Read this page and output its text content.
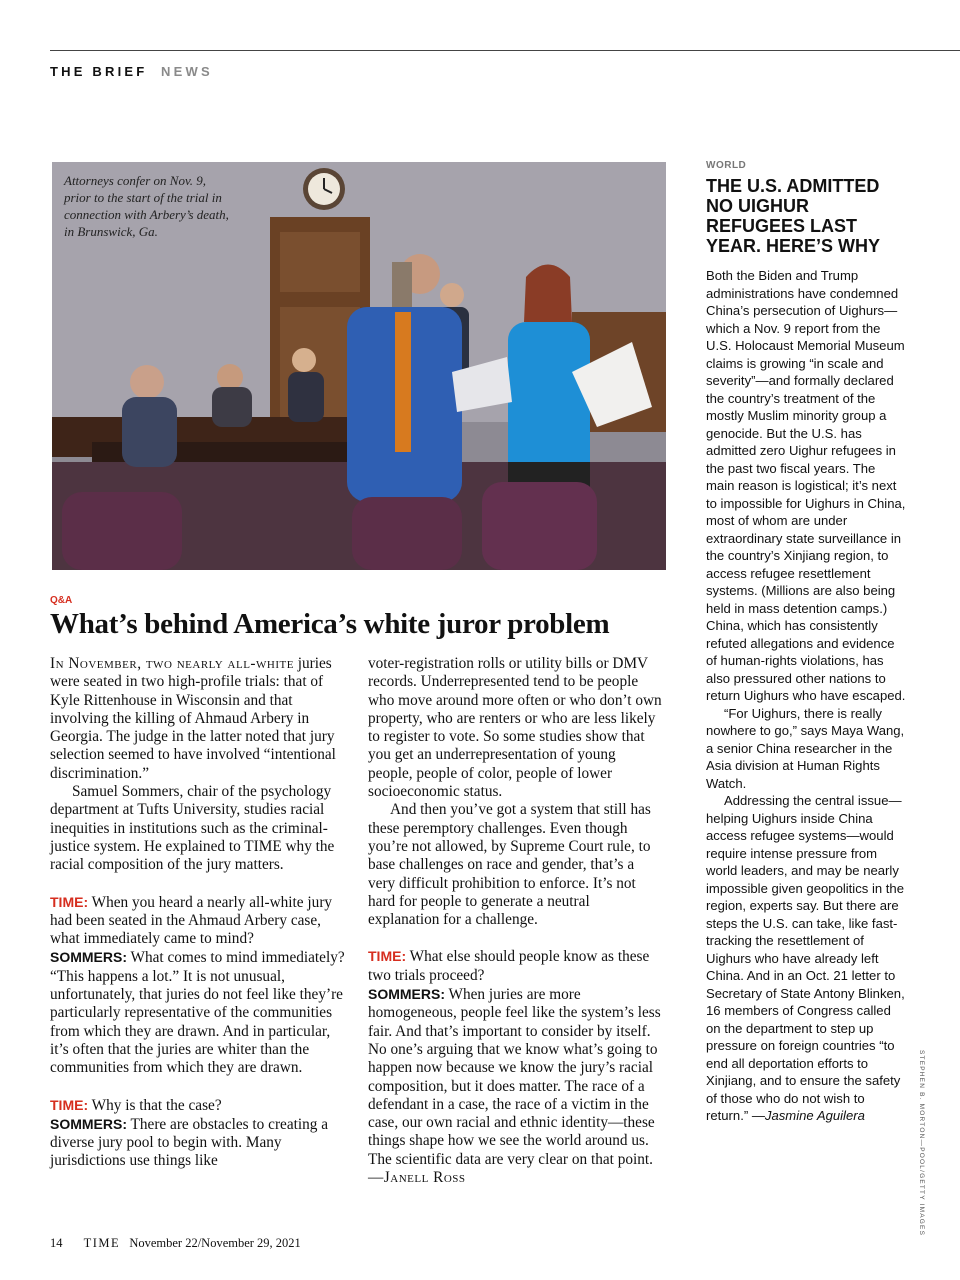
THE BRIEF NEWS
Attorneys confer on Nov. 9, prior to the start of the trial in connection with Arbery’s death, in Brunswick, Ga.
Q&A
What’s behind America’s white juror problem

In November, two nearly all-white juries were seated in two high-profile trials: that of Kyle Rittenhouse in Wisconsin and that involving the killing of Ahmaud Arbery in Georgia. The judge in the latter noted that jury selection seemed to have involved “intentional discrimination.”

Samuel Sommers, chair of the psychology department at Tufts University, studies racial inequities in institutions such as the criminal-justice system. He explained to TIME why the racial composition of the jury matters.

TIME: When you heard a nearly all-white jury had been seated in the Ahmaud Arbery case, what immediately came to mind?

SOMMERS: What comes to mind immediately? “This happens a lot.” It is not unusual, unfortunately, that juries do not feel like they’re particularly representative of the communities from which they are drawn. And in particular, it’s often that the juries are whiter than the communities from which they are drawn.

TIME: Why is that the case?

SOMMERS: There are obstacles to creating a diverse jury pool to begin with. Many jurisdictions use things like

voter-registration rolls or utility bills or DMV records. Underrepresented tend to be people who move around more often or who don’t own property, who are renters or who are less likely to register to vote. So some studies show that you get an underrepresentation of young people, people of color, people of lower socioeconomic status.

And then you’ve got a system that still has these peremptory challenges. Even though you’re not allowed, by Supreme Court rule, to base challenges on race and gender, that’s a very difficult prohibition to enforce. It’s not hard for people to generate a neutral explanation for a challenge.

TIME: What else should people know as these two trials proceed?

SOMMERS: When juries are more homogeneous, people feel like the system’s less fair. And that’s important to consider by itself. No one’s arguing that we know what’s going to happen now because we know the jury’s racial composition, but it does matter. The race of a defendant in a case, the race of a victim in the case, our own racial and ethnic identity—these things shape how we see the world around us. The scientific data are very clear on that point. —Janell Ross

WORLD
THE U.S. ADMITTED NO UIGHUR REFUGEES LAST YEAR. HERE’S WHY

Both the Biden and Trump administrations have condemned China’s persecution of Uighurs—which a Nov. 9 report from the U.S. Holocaust Memorial Museum claims is growing “in scale and severity”—and formally declared the country’s treatment of the mostly Muslim minority group a genocide. But the U.S. has admitted zero Uighur refugees in the past two fiscal years. The main reason is logistical; it’s next to impossible for Uighurs in China, most of whom are under extraordinary state surveillance in the country’s Xinjiang region, to access refugee resettlement systems. (Millions are also being held in mass detention camps.) China, which has consistently refuted allegations and evidence of human-rights violations, has also pressured other nations to return Uighurs who have escaped.

“For Uighurs, there is really nowhere to go,” says Maya Wang, a senior China researcher in the Asia division at Human Rights Watch.

Addressing the central issue—helping Uighurs inside China access refugee systems—would require intense pressure from world leaders, and may be nearly impossible given geopolitics in the region, experts say. But there are steps the U.S. can take, like fast-tracking the resettlement of Uighurs who have already left China. And in an Oct. 21 letter to Secretary of State Antony Blinken, 16 members of Congress called on the department to step up pressure on foreign countries “to end all deportation efforts to Xinjiang, and to ensure the safety of those who do not wish to return.” —Jasmine Aguilera	STEPHEN B. MORTON—POOL/GETTY IMAGES
14 TIME November 22/November 29, 2021
